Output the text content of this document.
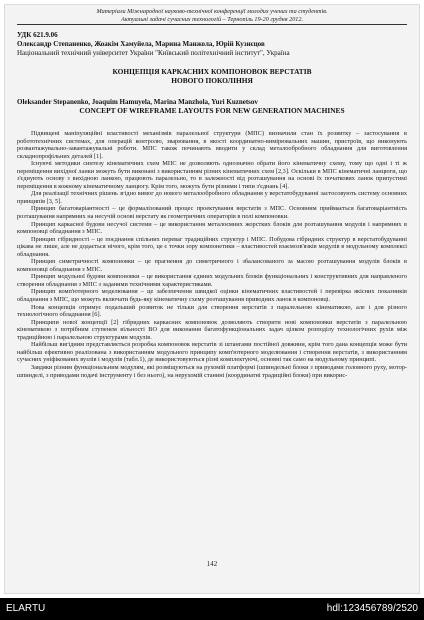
Матеріали Міжнародної науково-технічної конференції молодих учених та студентів.
Актуальні задачі сучасних технологій – Тернопіль 19-20 грудня 2012.
УДК 621.9.06
Олександр Степаненко, Жоакім Хамуйела, Марина Манжола, Юрій Кузнєцов
Національний технічний університет України "Київський політехнічний інститут", Україна
КОНЦЕПЦІЯ КАРКАСНИХ КОМПОНОВОК ВЕРСТАТІВ
НОВОГО ПОКОЛІННЯ
Oleksander Stepanenko, Joaquim Hamuyela, Marina Manzhola, Yuri Kuznetsov
CONCEPT OF WIREFRAME LAYOUTS FOR NEW GENERATION MACHINES

Підвищені маніпуляційні властивості механізмів паралельної структури (МПС) визначили стан їх розвитку – застосування в робототехнічних системах, для операцій контролю, зварювання, в якості координатно-вимірювальних машин, пристроїв, що виконують розвантажувально-завантажувальні роботи. МПС також починають вводити у склад металообробного обладнання для виготовлення складнопрофільних деталей [1].

Існуючі методики синтезу кінематичних схем МПС не дозволяють однозначно обрати його кінематичну схему, тому що одні і ті ж переміщення вихідної ланки можуть бути виконані з використанням різних кінематичних схем [2,3]. Оскільки в МПС кінематичні ланцюги, що з'єднують основу з вихідною ланкою, працюють паралельно, то в залежності від розташування на основі їх початкових ланок припустимі переміщення в кожному кінематичному ланцюгу. Крім того, можуть бути різними і типи з'єднань [4].

Для реалізації технічних рішень згідно вимог до нового металообробного обладнання у верстатобудуванні застосовують систему основних принципів [3, 5].

Принцип багатоваріантності – це формалізований процес проектування верстатів з МПС. Основним приймається багатоваріантність розташування напрямних на несучій основі верстату як геометричних операторів в полі компоновки.

Принцип каркасної будови несучої системи – це використання металоємних жорстких блоків для розташування модулів і напрямних в компоновці обладнання з МПС.

Принцип гібридності – це поєднання спільних переваг традиційних структур і МПС. Побудова гібридних структур в верстатобудуванні цікава не лише, але не додається нічого, крім того, це є точки зору компонетики – властивостей взаємозв'язків модулів в модульному комплексі обладнання.

Принцип симетричності компоновки – це прагнення до симетричного і збалансованого за масою розташування модулів блоків в компоновці обладнання з МПС.

Принцип модульної будови компоновки – це використання єдиних модульних блоків функціональних і конструктивних для направленого створення обладнання з МПС з заданими технічними характеристиками.

Принцип комп'ютерного моделювання – це забезпечення швидкої оцінки кінематичних властивостей і перевірка якісних показників обладнання з МПС, що можуть включати будь-яку кінематичну схему розташування приводних ланок в компоновці.

Нова концепція отримує подальший розвиток не тільки для створення верстатів з паралельною кінематикою, але і для різного технологічного обладнання [6].

Принципи нової концепції [2] гібридних каркасних компоновок дозволяють створити нові компоновки верстатів з паралельною кінематикою з потрібним ступенем вільності ВО для виконання багатофункціональних задач цілком розподілу технологічних рухів між традиційною і паралельною структурами модулів.

Найбільш вигідним представляється розробка компоновок верстатів зі штангами постійної довжини, крім того дана концепція може бути найбільш ефективно реалізована з використанням модульного принципу комп'ютерного моделювання і створення верстатів, з використанням сучасних уніфікованих вузлів і модулів (табл.1), де використовуються різні комплектуючі, основні так само на модульному принципі.

Завдяки різним функціональним модулям, які розміщуються на рухомій платформі (шпиндельні блоки з приводами головного руху, мотор-шпинделі, з приводами подачі інструменту і без нього), на нерухомій станині (координатні традиційні блоки) при викорис-

142
ELARTU	hdl:123456789/2520
